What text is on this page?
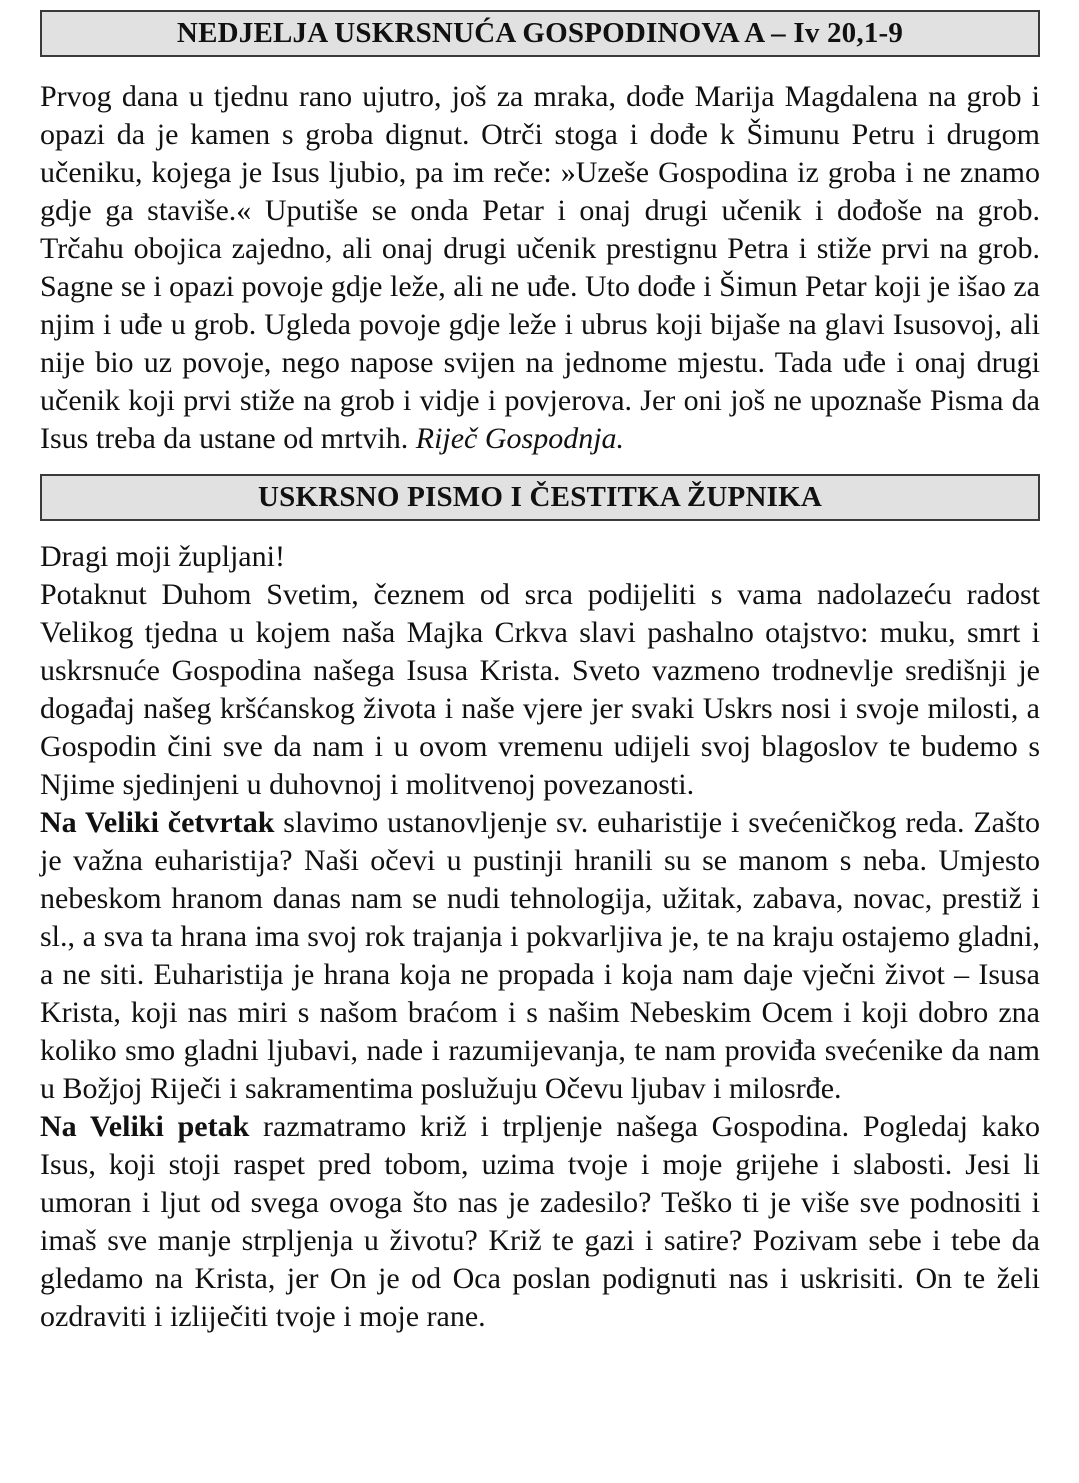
NEDJELJA USKRSNUĆA GOSPODINOVA A – Iv 20,1-9

Prvog dana u tjednu rano ujutro, još za mraka, dođe Marija Magdalena na grob i opazi da je kamen s groba dignut. Otrči stoga i dođe k Šimunu Petru i drugom učeniku, kojega je Isus ljubio, pa im reče: »Uzeše Gospodina iz groba i ne znamo gdje ga staviše.« Uputiše se onda Petar i onaj drugi učenik i dođoše na grob. Trčahu obojica zajedno, ali onaj drugi učenik prestignu Petra i stiže prvi na grob. Sagne se i opazi povoje gdje leže, ali ne uđe. Uto dođe i Šimun Petar koji je išao za njim i uđe u grob. Ugleda povoje gdje leže i ubrus koji bijaše na glavi Isusovoj, ali nije bio uz povoje, nego napose svijen na jednome mjestu. Tada uđe i onaj drugi učenik koji prvi stiže na grob i vidje i povjerova. Jer oni još ne upoznaše Pisma da Isus treba da ustane od mrtvih. Riječ Gospodnja.

USKRSNO PISMO I ČESTITKA ŽUPNIKA

Dragi moji župljani!

Potaknut Duhom Svetim, čeznem od srca podijeliti s vama nadolazeću radost Velikog tjedna u kojem naša Majka Crkva slavi pashalno otajstvo: muku, smrt i uskrsnuće Gospodina našega Isusa Krista. Sveto vazmeno trodnevlje središnji je događaj našeg kršćanskog života i naše vjere jer svaki Uskrs nosi i svoje milosti, a Gospodin čini sve da nam i u ovom vremenu udijeli svoj blagoslov te budemo s Njime sjedinjeni u duhovnoj i molitvenoj povezanosti.

Na Veliki četvrtak slavimo ustanovljenje sv. euharistije i svećeničkog reda. Zašto je važna euharistija? Naši očevi u pustinji hranili su se manom s neba. Umjesto nebeskom hranom danas nam se nudi tehnologija, užitak, zabava, novac, prestiž i sl., a sva ta hrana ima svoj rok trajanja i pokvarljiva je, te na kraju ostajemo gladni, a ne siti. Euharistija je hrana koja ne propada i koja nam daje vječni život – Isusa Krista, koji nas miri s našom braćom i s našim Nebeskim Ocem i koji dobro zna koliko smo gladni ljubavi, nade i razumijevanja, te nam proviđa svećenike da nam u Božjoj Riječi i sakramentima poslužuju Očevu ljubav i milosrđe.

Na Veliki petak razmatramo križ i trpljenje našega Gospodina. Pogledaj kako Isus, koji stoji raspet pred tobom, uzima tvoje i moje grijehe i slabosti. Jesi li umoran i ljut od svega ovoga što nas je zadesilo? Teško ti je više sve podnositi i imaš sve manje strpljenja u životu? Križ te gazi i satire? Pozivam sebe i tebe da gledamo na Krista, jer On je od Oca poslan podignuti nas i uskrisiti. On te želi ozdraviti i izliječiti tvoje i moje rane.
